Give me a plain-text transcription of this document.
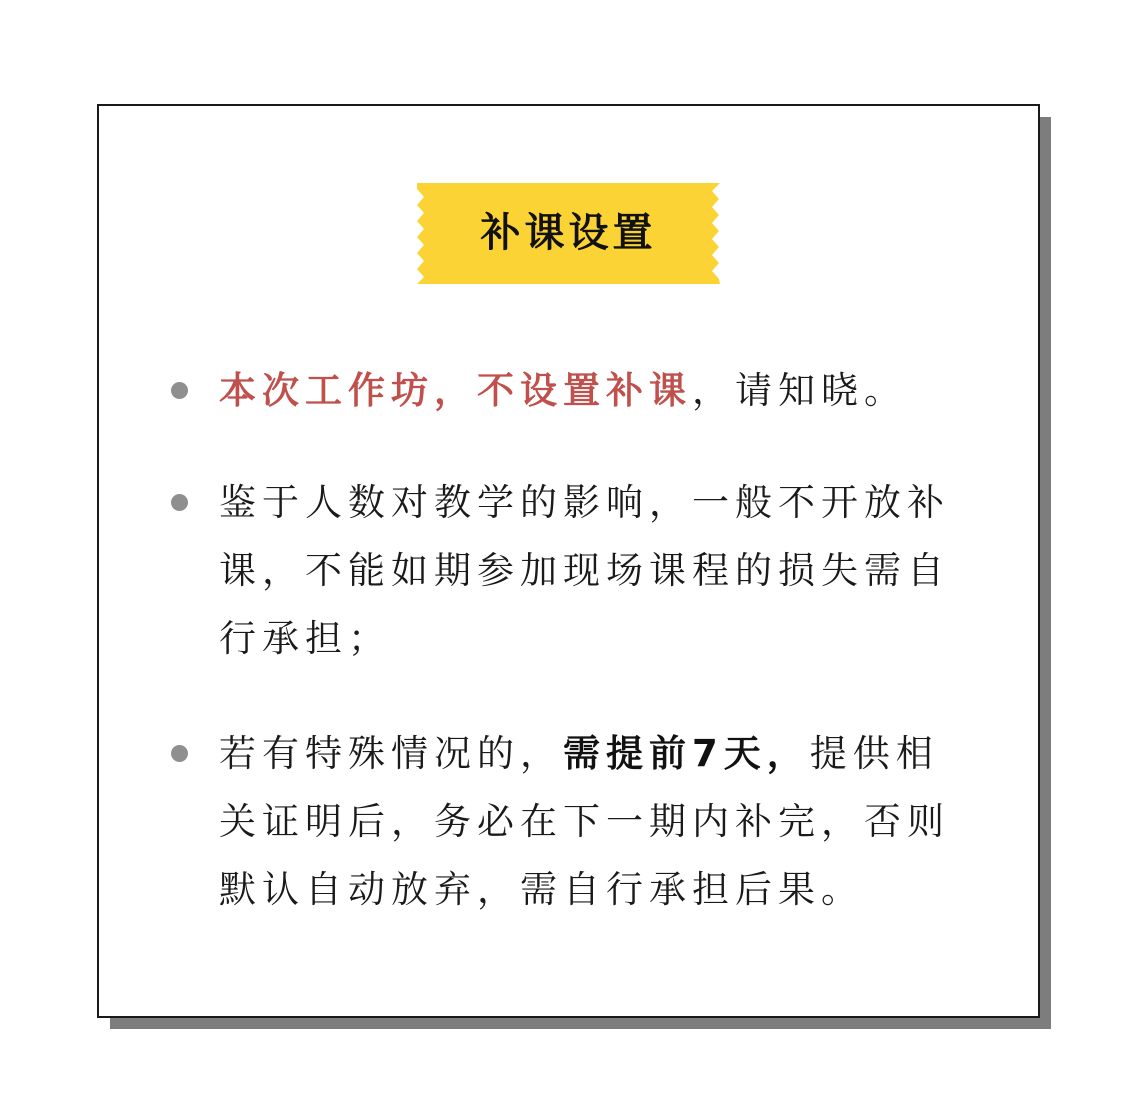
补课设置
本次工作坊，不设置补课，请知晓。
鉴于人数对教学的影响，一般不开放补课，不能如期参加现场课程的损失需自行承担；
若有特殊情况的，需提前7天，提供相关证明后，务必在下一期内补完，否则默认自动放弃，需自行承担后果。
